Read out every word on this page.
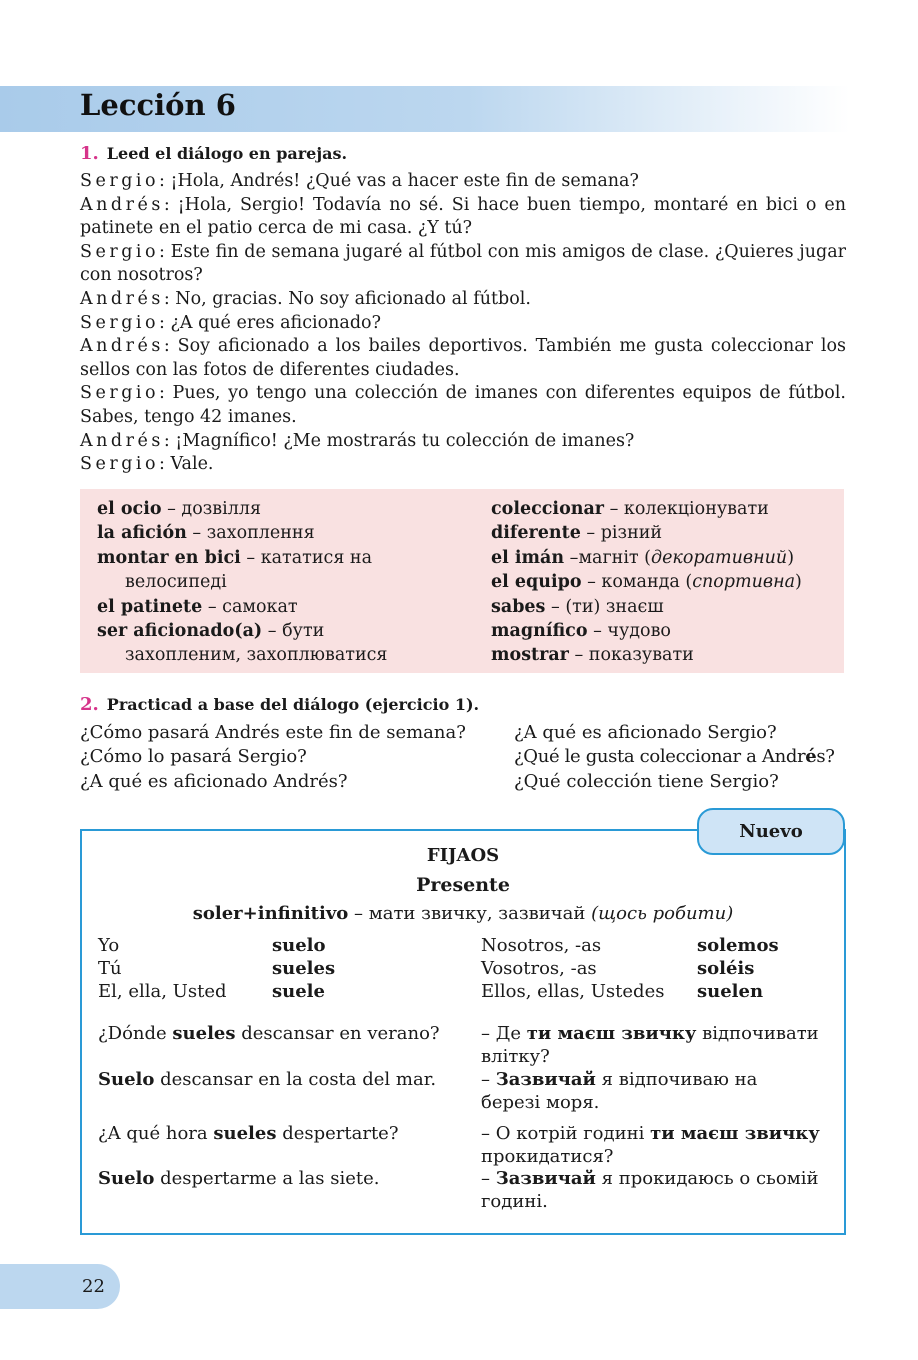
Lección 6

1. Leed el diálogo en parejas.

Sergio: ¡Hola, Andrés! ¿Qué vas a hacer este fin de semana?

Andrés: ¡Hola, Sergio! Todavía no sé. Si hace buen tiempo, montaré en bici o en patinete en el patio cerca de mi casa. ¿Y tú?

Sergio: Este fin de semana jugaré al fútbol con mis amigos de clase. ¿Quieres jugar con nosotros?

Andrés: No, gracias. No soy aficionado al fútbol.

Sergio: ¿A qué eres aficionado?

Andrés: Soy aficionado a los bailes deportivos. También me gusta coleccionar los sellos con las fotos de diferentes ciudades.

Sergio: Pues, yo tengo una colección de imanes con diferentes equipos de fútbol. Sabes, tengo 42 imanes.

Andrés: ¡Magnífico! ¿Me mostrarás tu colección de imanes?

Sergio: Vale.

el ocio – дозвілля
la afición – захоплення
montar en bici – кататися на
велосипеді
el patinete – самокат
ser aficionado(a) – бути
захопленим, захоплюватися
coleccionar – колекціонувати
diferente – різний
el imán –магніт (декоративний)
el equipo – команда (спортивна)
sabes – (ти) знаєш
magnífico – чудово
mostrar – показувати

2. Practicad a base del diálogo (ejercicio 1).

¿Cómo pasará Andrés este fin de semana?
¿Cómo lo pasará Sergio?
¿A qué es aficionado Andrés?
¿A qué es aficionado Sergio?
¿Qué le gusta coleccionar a Andrés?
¿Qué colección tiene Sergio?
Nuevo
FIJAOS
Presente
soler+infinitivo – мати звичку, зазвичай (щось робити)
Yo	suelo	Nosotros, -as	solemos
Tú	sueles	Vosotros, -as	soléis
El, ella, Usted	suele	Ellos, ellas, Ustedes suelen
¿Dónde sueles descansar en verano? – Де ти маєш звичку відпочивати
влітку?
Suelo descansar en la costa del mar. – Зазвичай я відпочиваю на
березі моря.
¿A qué hora sueles despertarte?	– О котрій годині ти маєш звичку
прокидатися?
Suelo despertarme a las siete.	– Зазвичай я прокидаюсь о сьомій
годині.
22
